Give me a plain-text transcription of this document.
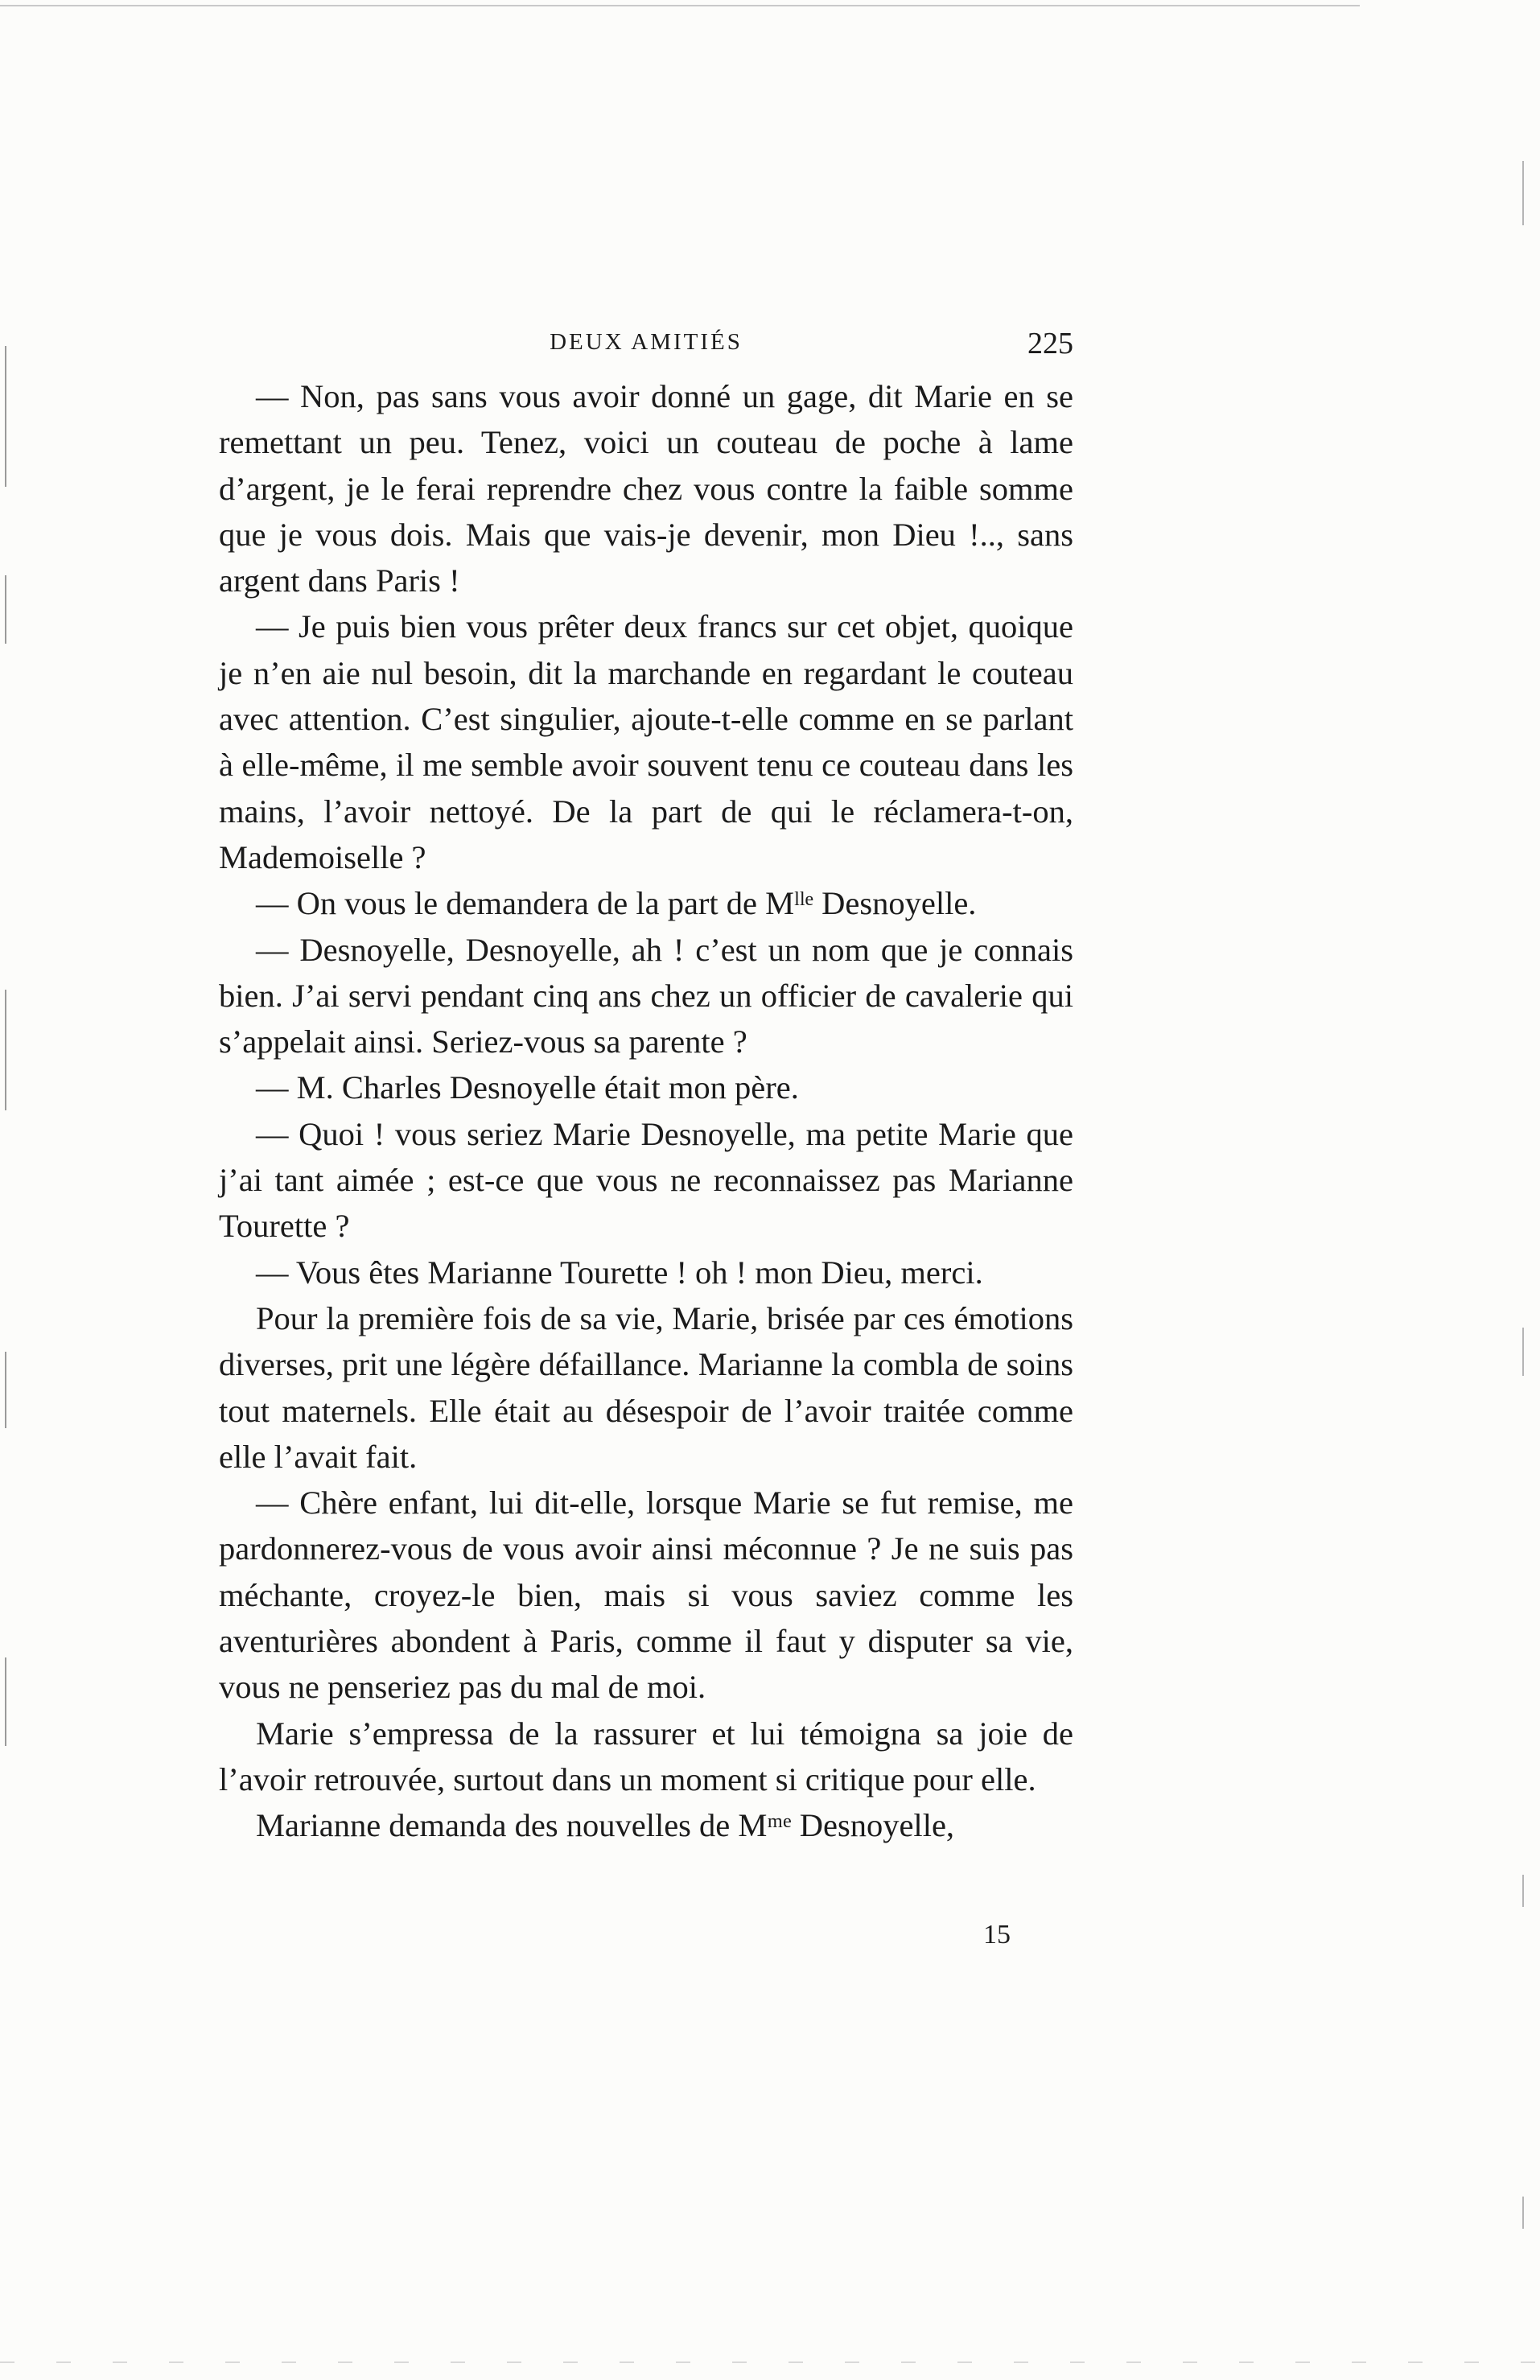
DEUX AMITIÉS	225

— Non, pas sans vous avoir donné un gage, dit Marie en se remettant un peu. Tenez, voici un couteau de poche à lame d’argent, je le ferai reprendre chez vous contre la faible somme que je vous dois. Mais que vais-je devenir, mon Dieu !.., sans argent dans Paris !

— Je puis bien vous prêter deux francs sur cet objet, quoique je n’en aie nul besoin, dit la marchande en regardant le couteau avec attention. C’est singulier, ajoute-t-elle comme en se parlant à elle-même, il me semble avoir souvent tenu ce couteau dans les mains, l’avoir nettoyé. De la part de qui le réclamera-t-on, Mademoiselle ?

— On vous le demandera de la part de Mˡˡᵉ Desnoyelle.

— Desnoyelle, Desnoyelle, ah ! c’est un nom que je connais bien. J’ai servi pendant cinq ans chez un officier de cavalerie qui s’appelait ainsi. Seriez-vous sa parente ?

— M. Charles Desnoyelle était mon père.

— Quoi ! vous seriez Marie Desnoyelle, ma petite Marie que j’ai tant aimée ; est-ce que vous ne reconnaissez pas Marianne Tourette ?

— Vous êtes Marianne Tourette ! oh ! mon Dieu, merci.

Pour la première fois de sa vie, Marie, brisée par ces émotions diverses, prit une légère défaillance. Marianne la combla de soins tout maternels. Elle était au désespoir de l’avoir traitée comme elle l’avait fait.

— Chère enfant, lui dit-elle, lorsque Marie se fut remise, me pardonnerez-vous de vous avoir ainsi méconnue ? Je ne suis pas méchante, croyez-le bien, mais si vous saviez comme les aventurières abondent à Paris, comme il faut y disputer sa vie, vous ne penseriez pas du mal de moi.

Marie s’empressa de la rassurer et lui témoigna sa joie de l’avoir retrouvée, surtout dans un moment si critique pour elle.

Marianne demanda des nouvelles de Mᵐᵉ Desnoyelle,

15
